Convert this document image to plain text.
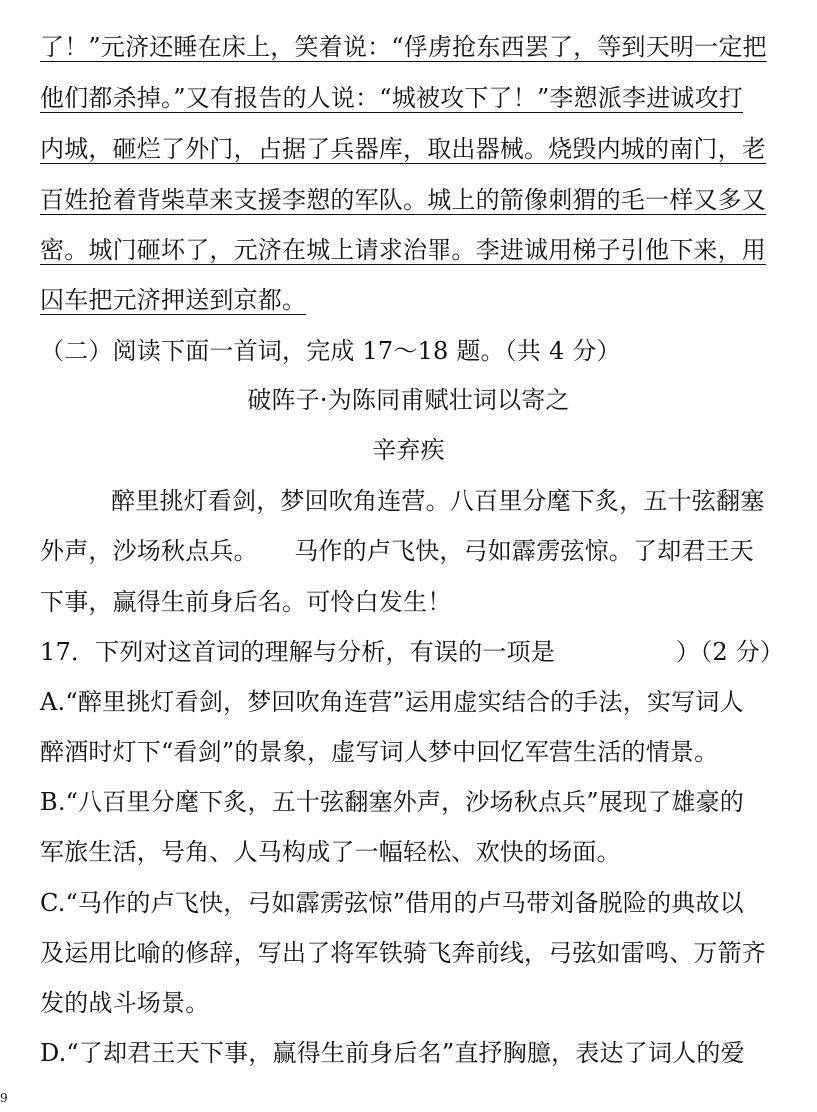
了！”元济还睡在床上，笑着说：“俘虏抢东西罢了，等到天明一定把
他们都杀掉。”又有报告的人说：“城被攻下了！”李愬派李进诚攻打
内城，砸烂了外门，占据了兵器库，取出器械。烧毁内城的南门，老
百姓抢着背柴草来支援李愬的军队。城上的箭像刺猬的毛一样又多又
密。城门砸坏了，元济在城上请求治罪。李进诚用梯子引他下来，用
囚车把元济押送到京都。
（二）阅读下面一首词，完成 17～18 题。（共 4 分）
破阵子·为陈同甫赋壮词以寄之
辛弃疾
醉里挑灯看剑，梦回吹角连营。八百里分麾下炙，五十弦翻塞
外声，沙场秋点兵。　　马作的卢飞快，弓如霹雳弦惊。了却君王天
下事，赢得生前身后名。可怜白发生！
17．下列对这首词的理解与分析，有误的一项是　　　　　）（2 分）
A.“醉里挑灯看剑，梦回吹角连营”运用虚实结合的手法，实写词人
醉酒时灯下“看剑”的景象，虚写词人梦中回忆军营生活的情景。
B.“八百里分麾下炙，五十弦翻塞外声，沙场秋点兵”展现了雄豪的
军旅生活，号角、人马构成了一幅轻松、欢快的场面。
C.“马作的卢飞快，弓如霹雳弦惊”借用的卢马带刘备脱险的典故以
及运用比喻的修辞，写出了将军铁骑飞奔前线，弓弦如雷鸣、万箭齐
发的战斗场景。
D.“了却君王天下事，赢得生前身后名”直抒胸臆，表达了词人的爱
9
